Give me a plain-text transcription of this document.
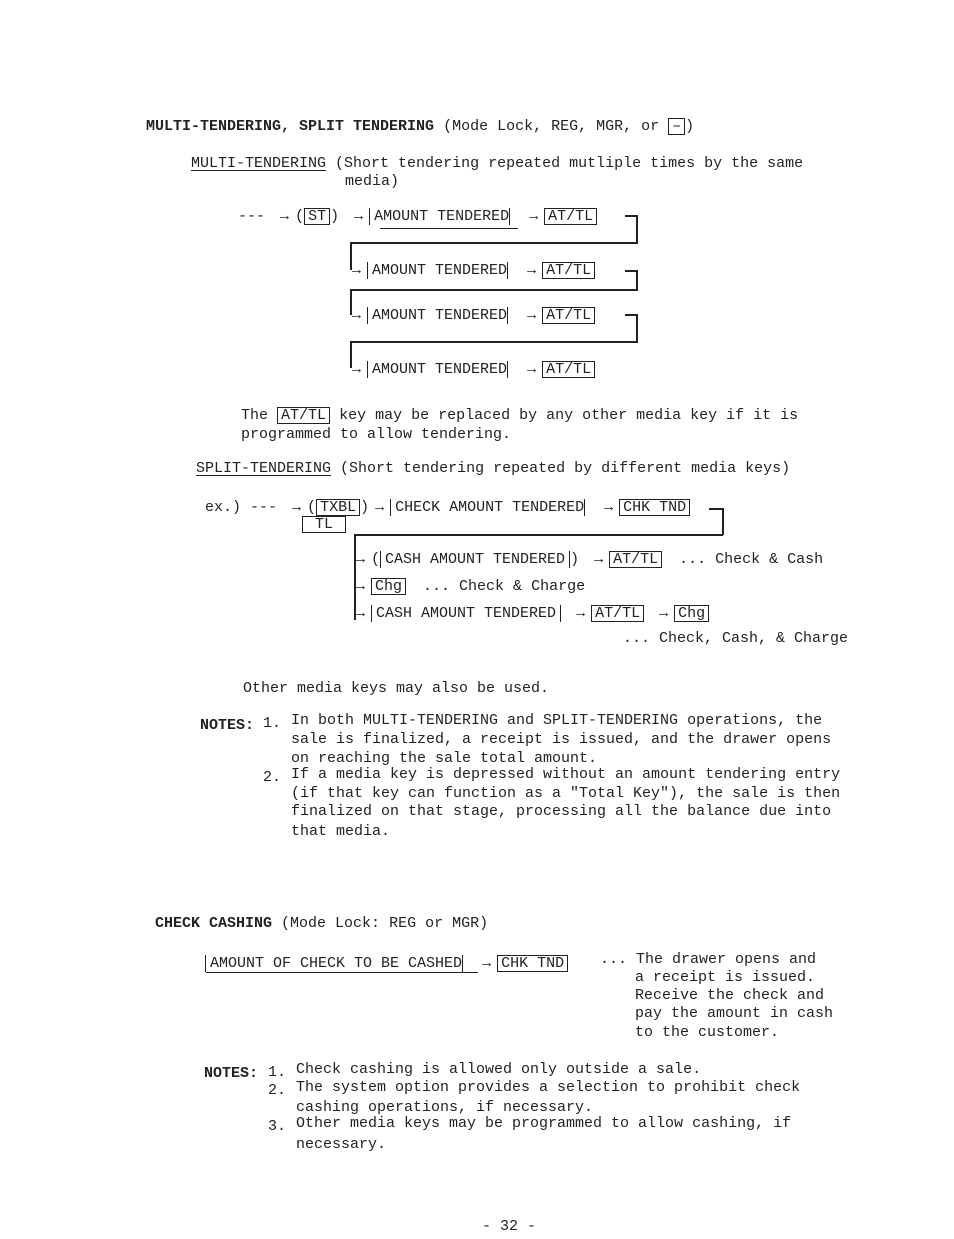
MULTI-TENDERING, SPLIT TENDERING (Mode Lock, REG, MGR, or – )
MULTI-TENDERING (Short tendering repeated mutliple times by the same
media)
--- → ( ST ) → AMOUNT TENDERED → AT/TL
→ AMOUNT TENDERED → AT/TL
→ AMOUNT TENDERED → AT/TL
→ AMOUNT TENDERED → AT/TL
The AT/TL key may be replaced by any other media key if it is
programmed to allow tendering.
SPLIT-TENDERING (Short tendering repeated by different media keys)
ex.) --- → ( TXBL ) → CHECK AMOUNT TENDERED → CHK TND
TL
→ ( CASH AMOUNT TENDERED ) → AT/TL ... Check & Cash
→ Chg ... Check & Charge
→ CASH AMOUNT TENDERED → AT/TL → Chg
... Check, Cash, & Charge
Other media keys may also be used.
NOTES: 1. In both MULTI-TENDERING and SPLIT-TENDERING operations, the
sale is finalized, a receipt is issued, and the drawer opens
on reaching the sale total amount.
2. If a media key is depressed without an amount tendering entry
(if that key can function as a "Total Key"), the sale is then
finalized on that stage, processing all the balance due into
that media.
CHECK CASHING (Mode Lock: REG or MGR)
AMOUNT OF CHECK TO BE CASHED → CHK TND ... The drawer opens and
a receipt is issued.
Receive the check and
pay the amount in cash
to the customer.
NOTES: 1. Check cashing is allowed only outside a sale.
2. The system option provides a selection to prohibit check
cashing operations, if necessary.
3. Other media keys may be programmed to allow cashing, if
necessary.
- 32 -
